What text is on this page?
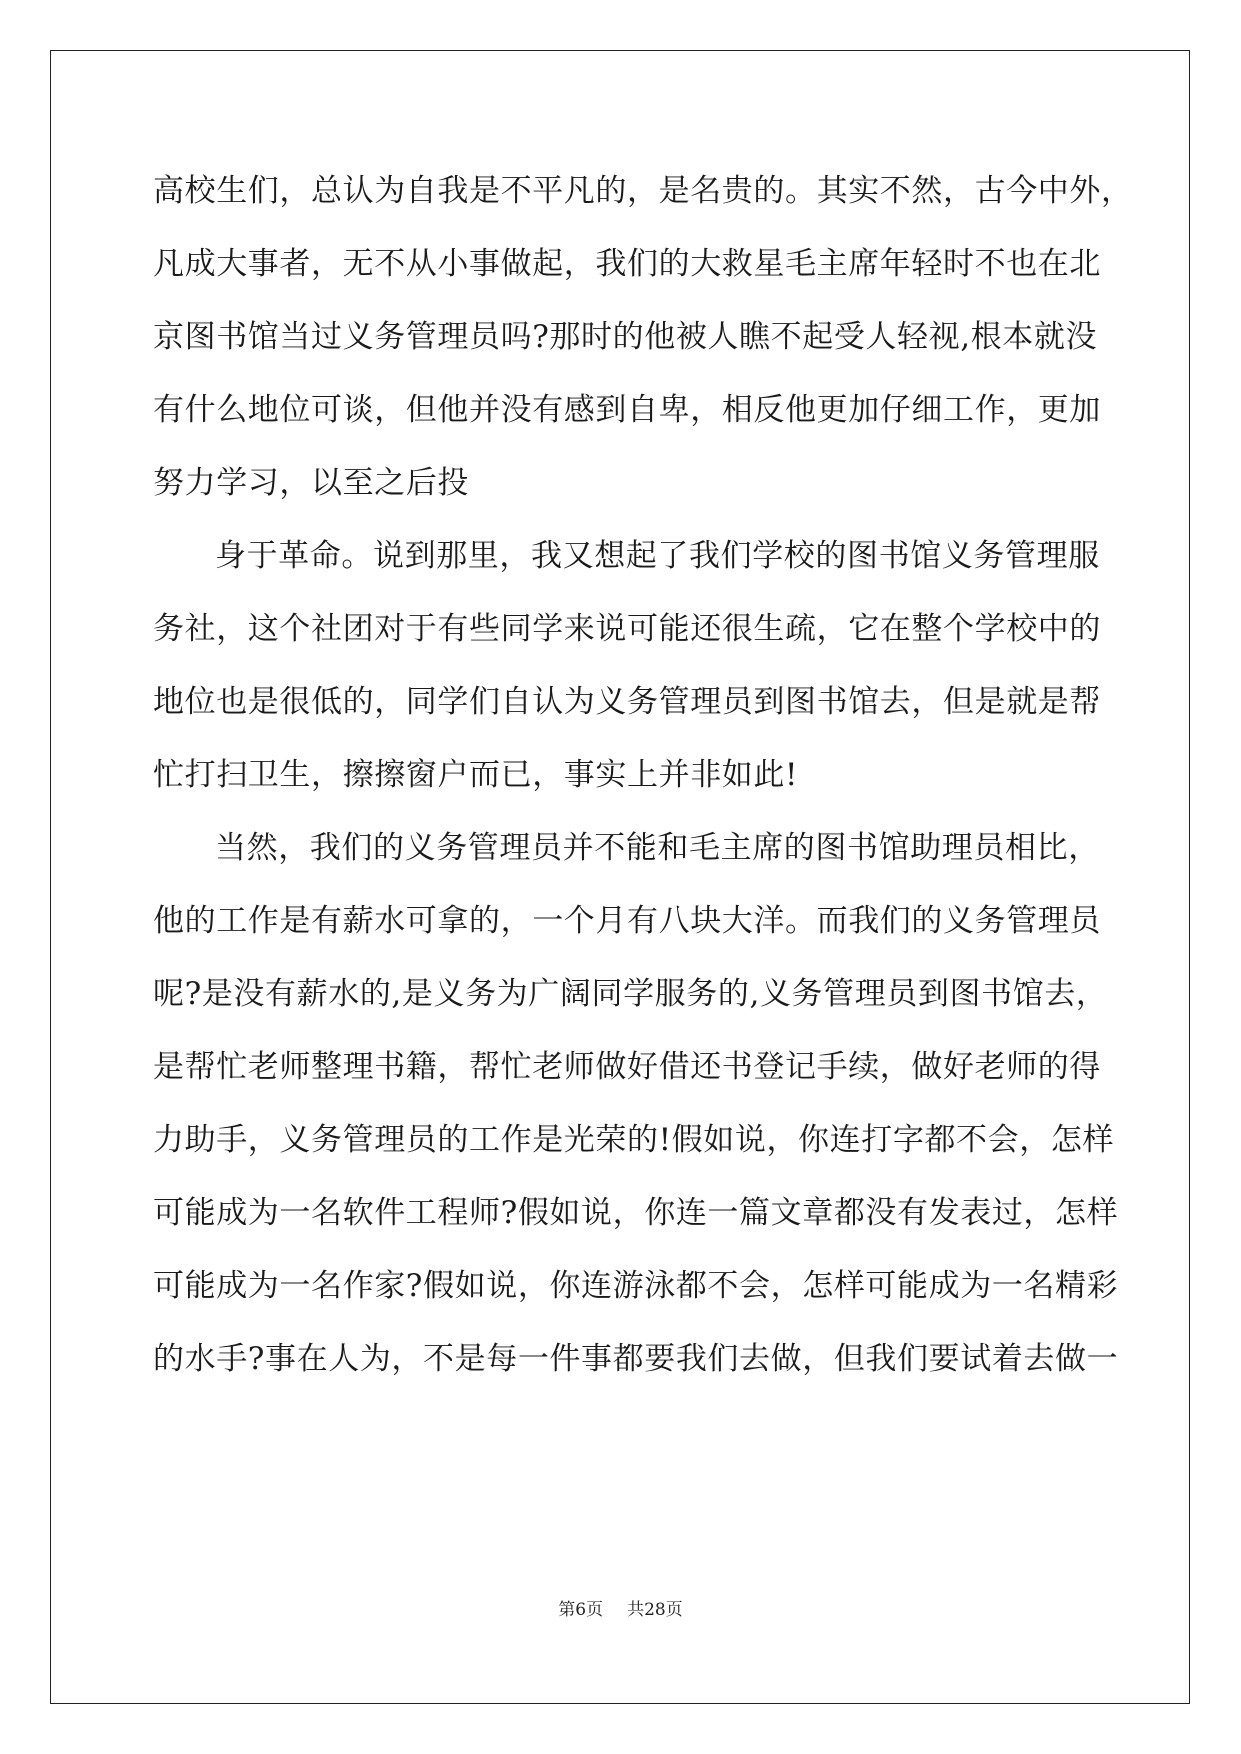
高校生们，总认为自我是不平凡的，是名贵的。其实不然，古今中外，
凡成大事者，无不从小事做起，我们的大救星毛主席年轻时不也在北
京图书馆当过义务管理员吗?那时的他被人瞧不起受人轻视,根本就没
有什么地位可谈，但他并没有感到自卑，相反他更加仔细工作，更加
努力学习，以至之后投
身于革命。说到那里，我又想起了我们学校的图书馆义务管理服
务社，这个社团对于有些同学来说可能还很生疏，它在整个学校中的
地位也是很低的，同学们自认为义务管理员到图书馆去，但是就是帮
忙打扫卫生，擦擦窗户而已，事实上并非如此!
当然，我们的义务管理员并不能和毛主席的图书馆助理员相比，
他的工作是有薪水可拿的，一个月有八块大洋。而我们的义务管理员
呢?是没有薪水的,是义务为广阔同学服务的,义务管理员到图书馆去，
是帮忙老师整理书籍，帮忙老师做好借还书登记手续，做好老师的得
力助手，义务管理员的工作是光荣的!假如说，你连打字都不会，怎样
可能成为一名软件工程师?假如说，你连一篇文章都没有发表过，怎样
可能成为一名作家?假如说，你连游泳都不会，怎样可能成为一名精彩
的水手?事在人为，不是每一件事都要我们去做，但我们要试着去做一
第6页 共28页
